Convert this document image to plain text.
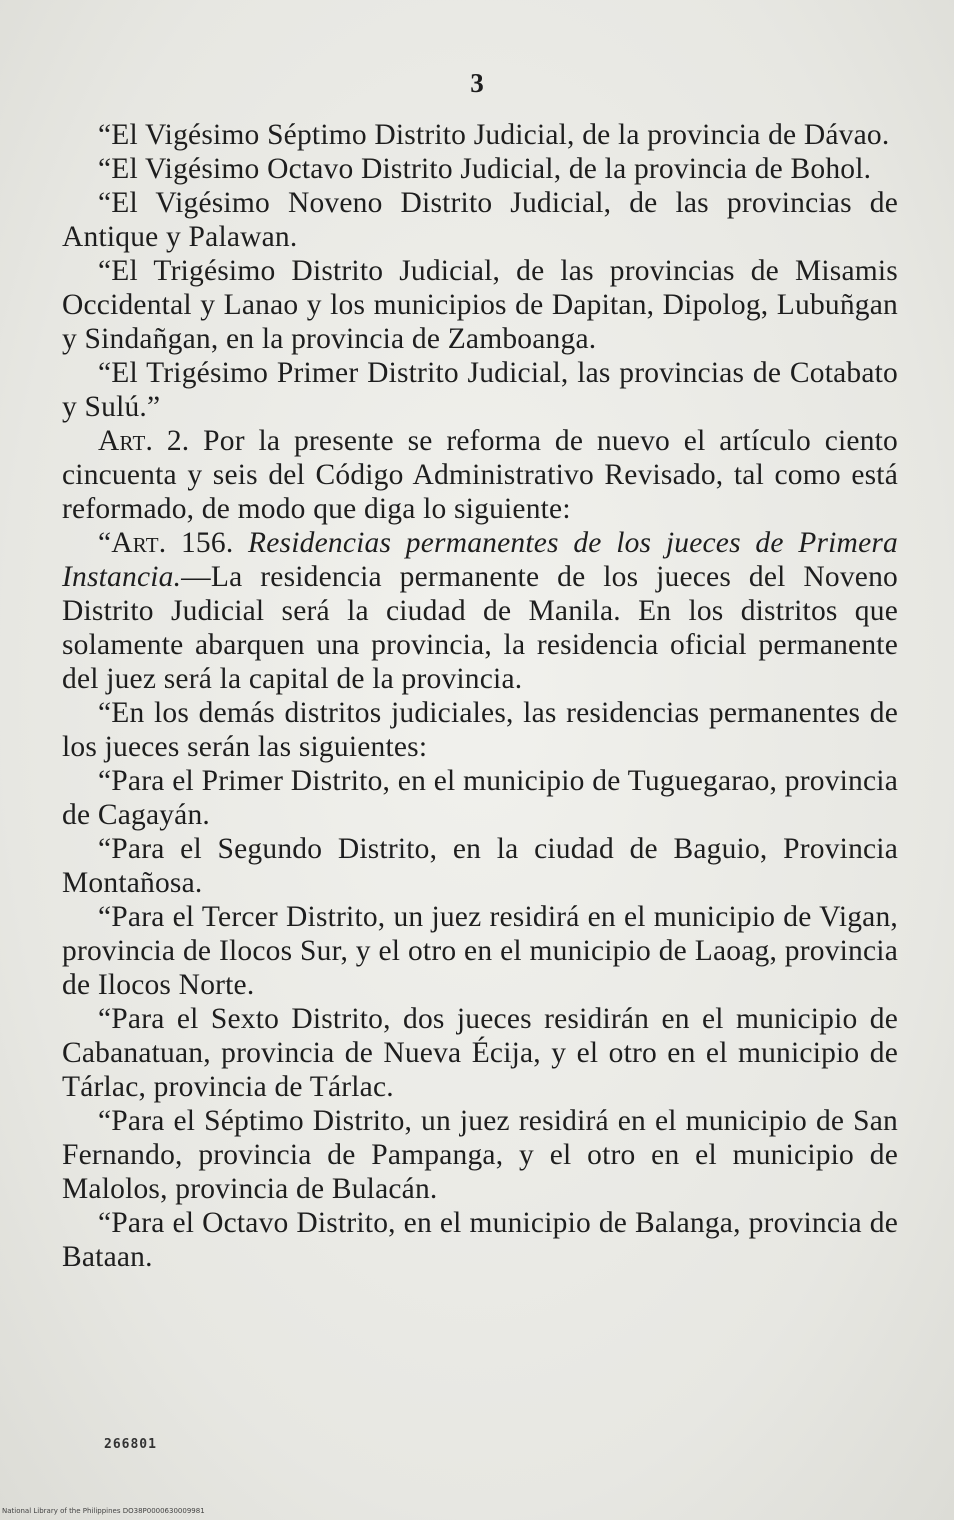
3

“El Vigésimo Séptimo Distrito Judicial, de la provincia de Dávao.

“El Vigésimo Octavo Distrito Judicial, de la provincia de Bohol.

“El Vigésimo Noveno Distrito Judicial, de las provincias de Antique y Palawan.

“El Trigésimo Distrito Judicial, de las provincias de Misamis Occidental y Lanao y los municipios de Dapitan, Dipolog, Lubuñgan y Sindañgan, en la provincia de Zamboanga.

“El Trigésimo Primer Distrito Judicial, las provincias de Cotabato y Sulú.”

Art. 2. Por la presente se reforma de nuevo el artículo ciento cincuenta y seis del Código Administrativo Revisado, tal como está reformado, de modo que diga lo siguiente:

“Art. 156. Residencias permanentes de los jueces de Primera Instancia.—La residencia permanente de los jueces del Noveno Distrito Judicial será la ciudad de Manila. En los distritos que solamente abarquen una provincia, la residencia oficial permanente del juez será la capital de la provincia.

“En los demás distritos judiciales, las residencias permanentes de los jueces serán las siguientes:

“Para el Primer Distrito, en el municipio de Tuguegarao, provincia de Cagayán.

“Para el Segundo Distrito, en la ciudad de Baguio, Provincia Montañosa.

“Para el Tercer Distrito, un juez residirá en el municipio de Vigan, provincia de Ilocos Sur, y el otro en el municipio de Laoag, provincia de Ilocos Norte.

“Para el Sexto Distrito, dos jueces residirán en el municipio de Cabanatuan, provincia de Nueva Écija, y el otro en el municipio de Tárlac, provincia de Tárlac.

“Para el Séptimo Distrito, un juez residirá en el municipio de San Fernando, provincia de Pampanga, y el otro en el municipio de Malolos, provincia de Bulacán.

“Para el Octavo Distrito, en el municipio de Balanga, provincia de Bataan.

266801
National Library of the Philippines DO38P0000630009981
